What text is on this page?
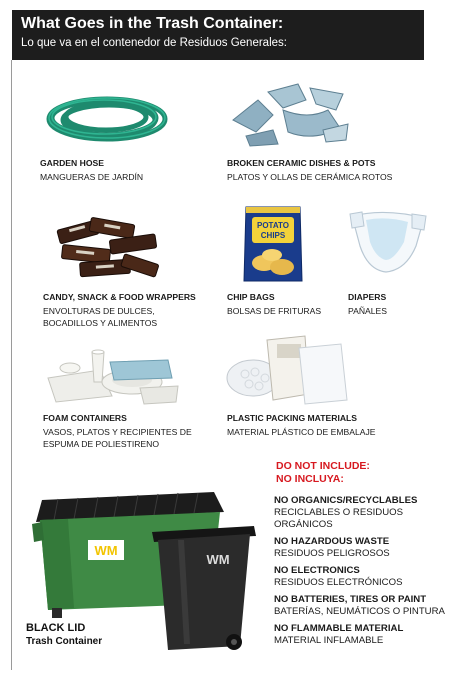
What Goes in the Trash Container:
Lo que va en el contenedor de Residuos Generales:
GARDEN HOSE
MANGUERAS DE JARDÍN
BROKEN CERAMIC DISHES & POTS
PLATOS Y OLLAS DE CERÁMICA ROTOS
CANDY, SNACK & FOOD WRAPPERS
ENVOLTURAS DE DULCES,
BOCADILLOS Y ALIMENTOS
POTATO
CHIPS
CHIP BAGS
BOLSAS DE FRITURAS
DIAPERS
PAÑALES
FOAM CONTAINERS
VASOS, PLATOS Y RECIPIENTES DE
ESPUMA DE POLIESTIRENO
PLASTIC PACKING MATERIALS
MATERIAL PLÁSTICO DE EMBALAJE
DO NOT INCLUDE:
NO INCLUYA:
NO ORGANICS/RECYCLABLES
RECICLABLES O RESIDUOS
ORGÁNICOS
NO HAZARDOUS WASTE
RESIDUOS PELIGROSOS
NO ELECTRONICS
RESIDUOS ELECTRÓNICOS
NO BATTERIES, TIRES OR PAINT
BATERÍAS, NEUMÁTICOS O PINTURA
NO FLAMMABLE MATERIAL
MATERIAL INFLAMABLE
WM
WM
BLACK LID
Trash Container
